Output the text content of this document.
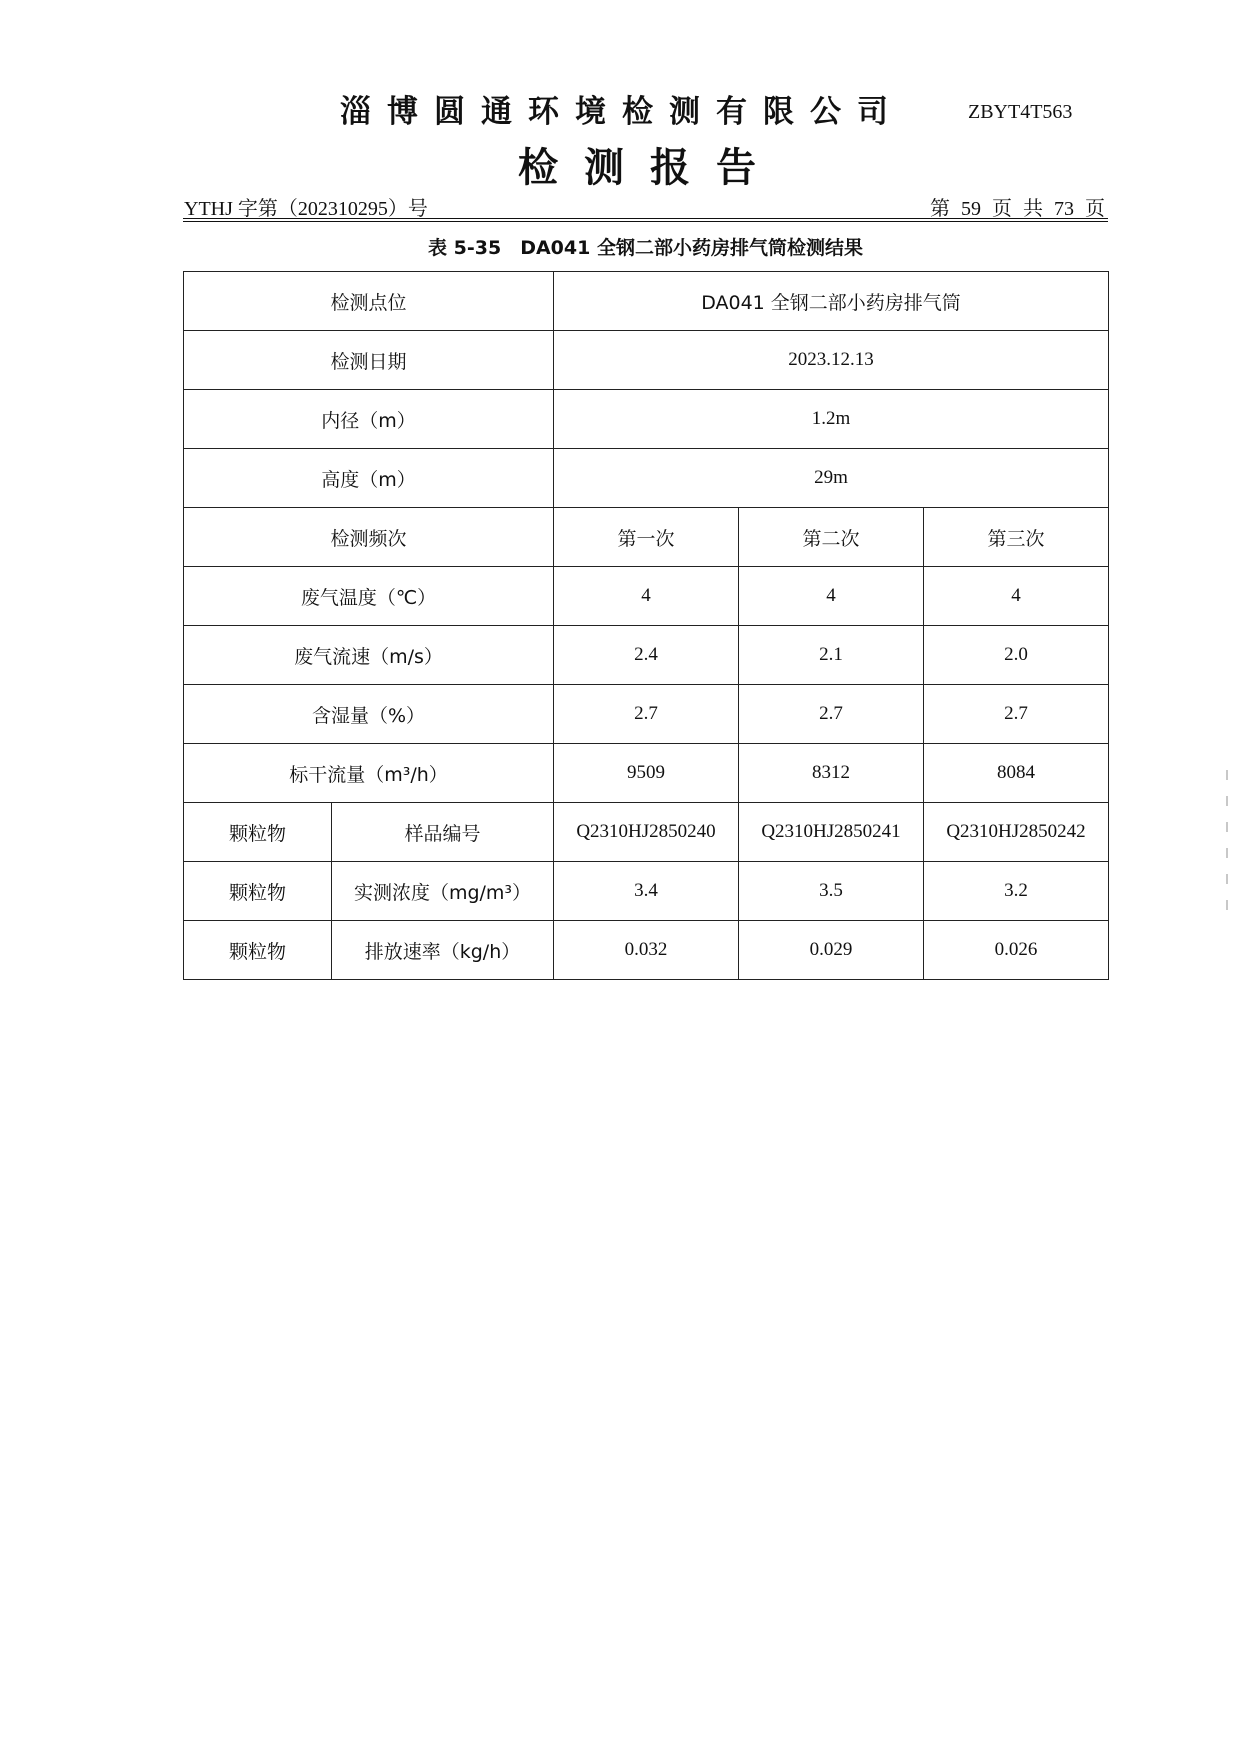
淄博圆通环境检测有限公司	ZBYT4T563
检测报告
YTHJ 字第（202310295）号	第 59 页 共 73 页
表 5-35　DA041 全钢二部小药房排气筒检测结果
检测点位		DA041 全钢二部小药房排气筒		
检测日期		2023.12.13		
内径（m）		1.2m		
高度（m）		29m		
检测频次		第一次	第二次	第三次
废气温度（℃）		4	4	4
废气流速（m/s）		2.4	2.1	2.0
含湿量（%）		2.7	2.7	2.7
标干流量（m³/h）		9509	8312	8084
颗粒物	样品编号	Q2310HJ2850240	Q2310HJ2850241	Q2310HJ2850242
颗粒物	实测浓度（mg/m³）	3.4	3.5	3.2
颗粒物	排放速率（kg/h）	0.032	0.029	0.026
